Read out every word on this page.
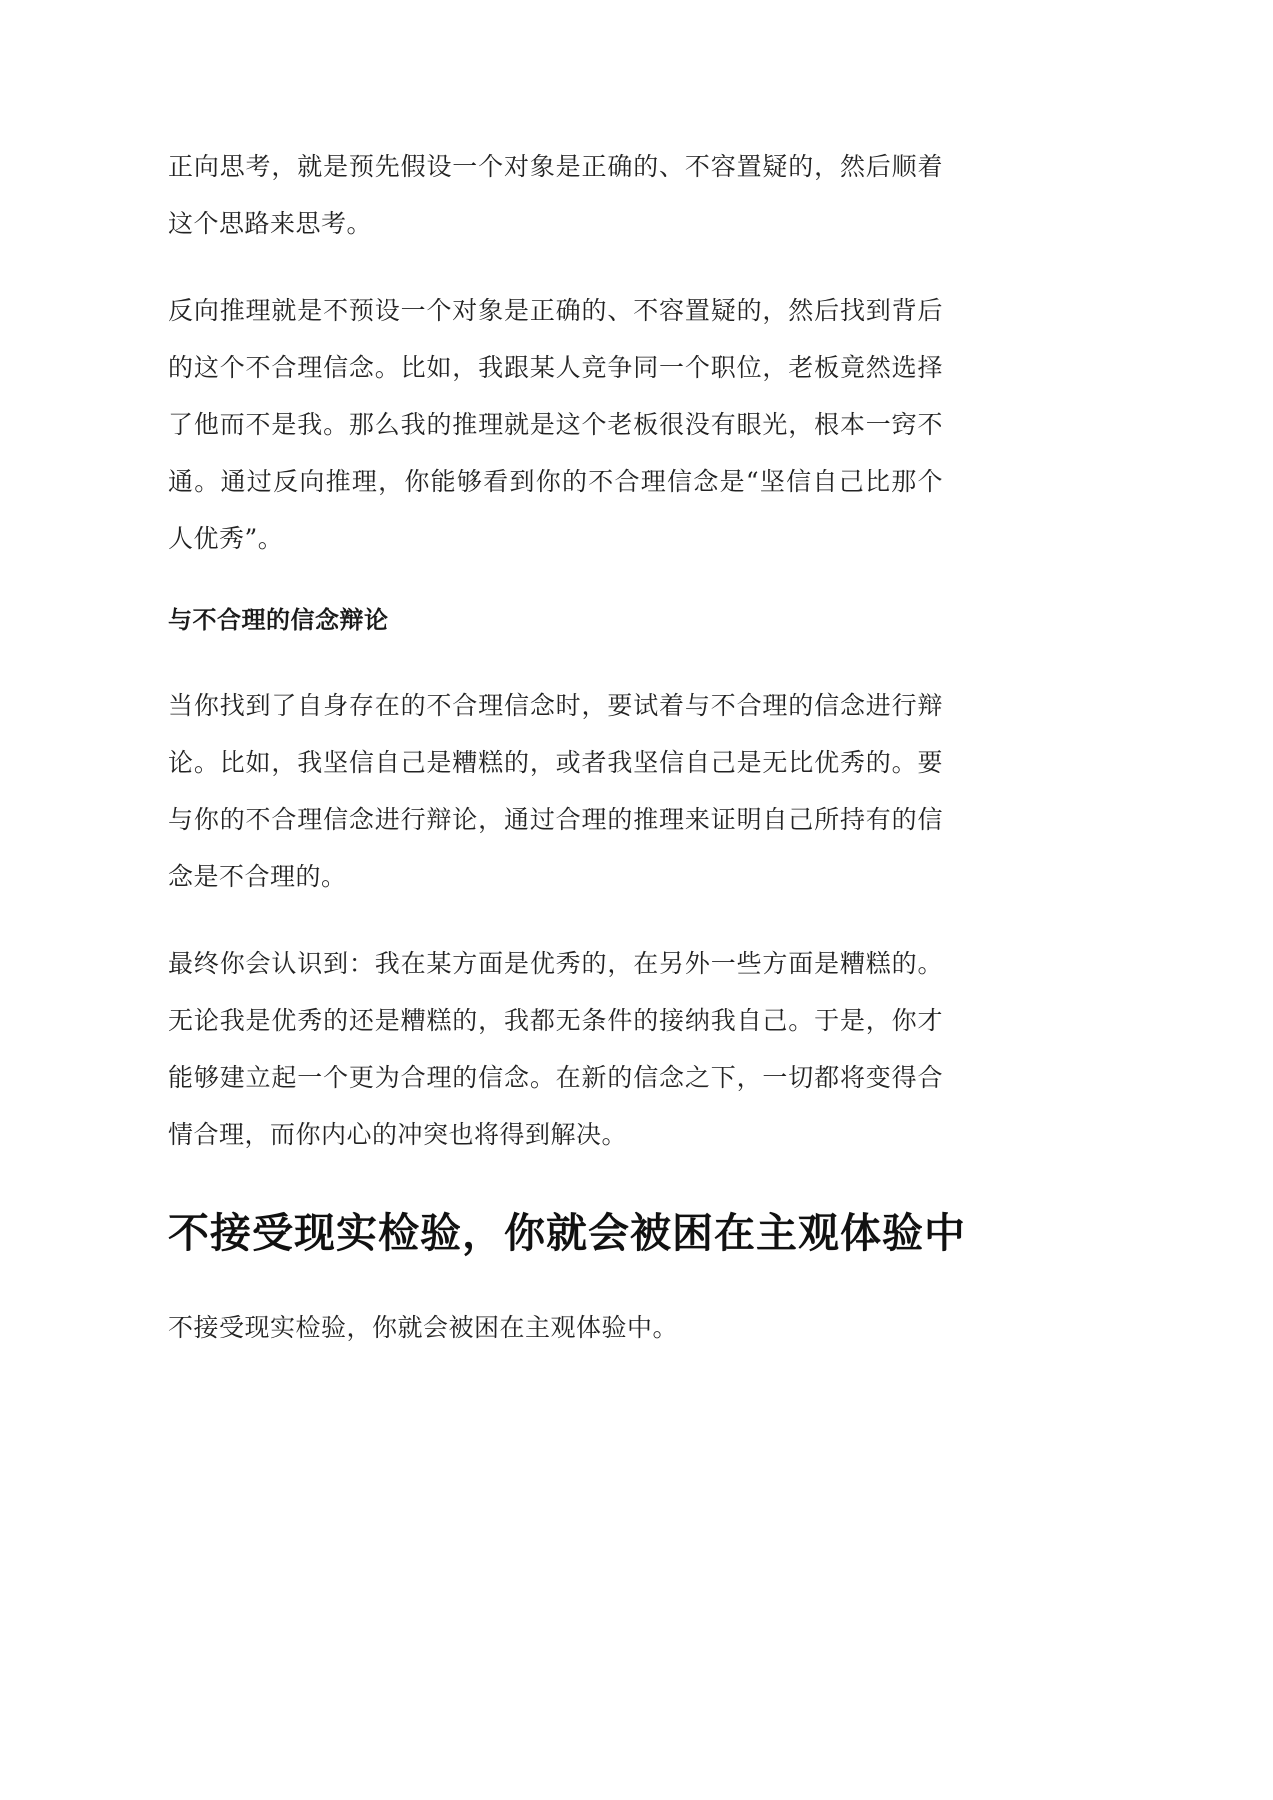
正向思考，就是预先假设一个对象是正确的、不容置疑的，然后顺着这个思路来思考。

反向推理就是不预设一个对象是正确的、不容置疑的，然后找到背后的这个不合理信念。比如，我跟某人竞争同一个职位，老板竟然选择了他而不是我。那么我的推理就是这个老板很没有眼光，根本一窍不通。通过反向推理，你能够看到你的不合理信念是“坚信自己比那个人优秀”。

与不合理的信念辩论

当你找到了自身存在的不合理信念时，要试着与不合理的信念进行辩论。比如，我坚信自己是糟糕的，或者我坚信自己是无比优秀的。要与你的不合理信念进行辩论，通过合理的推理来证明自己所持有的信念是不合理的。

最终你会认识到：我在某方面是优秀的，在另外一些方面是糟糕的。无论我是优秀的还是糟糕的，我都无条件的接纳我自己。于是，你才能够建立起一个更为合理的信念。在新的信念之下，一切都将变得合情合理，而你内心的冲突也将得到解决。

不接受现实检验，你就会被困在主观体验中

不接受现实检验，你就会被困在主观体验中。
